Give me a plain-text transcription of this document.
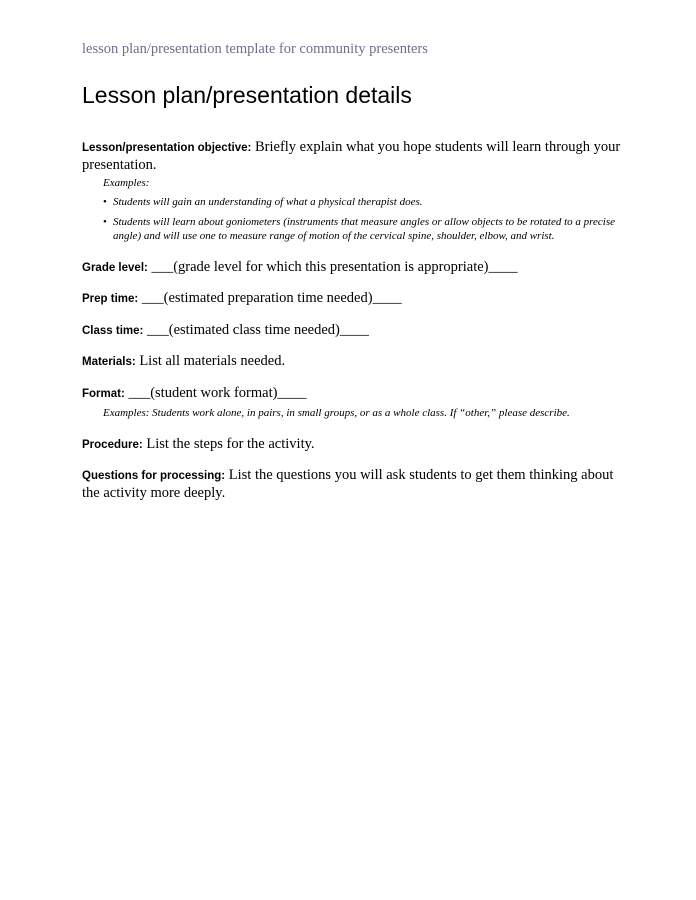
lesson plan/presentation template for community presenters
Lesson plan/presentation details
Lesson/presentation objective: Briefly explain what you hope students will learn through your presentation.
Examples:
• Students will gain an understanding of what a physical therapist does.
• Students will learn about goniometers (instruments that measure angles or allow objects to be rotated to a precise angle) and will use one to measure range of motion of the cervical spine, shoulder, elbow, and wrist.
Grade level: ___(grade level for which this presentation is appropriate)____
Prep time: ___(estimated preparation time needed)____
Class time: ___(estimated class time needed)____
Materials: List all materials needed.
Format: ___(student work format)____
Examples: Students work alone, in pairs, in small groups, or as a whole class. If “other,” please describe.
Procedure: List the steps for the activity.
Questions for processing: List the questions you will ask students to get them thinking about the activity more deeply.
